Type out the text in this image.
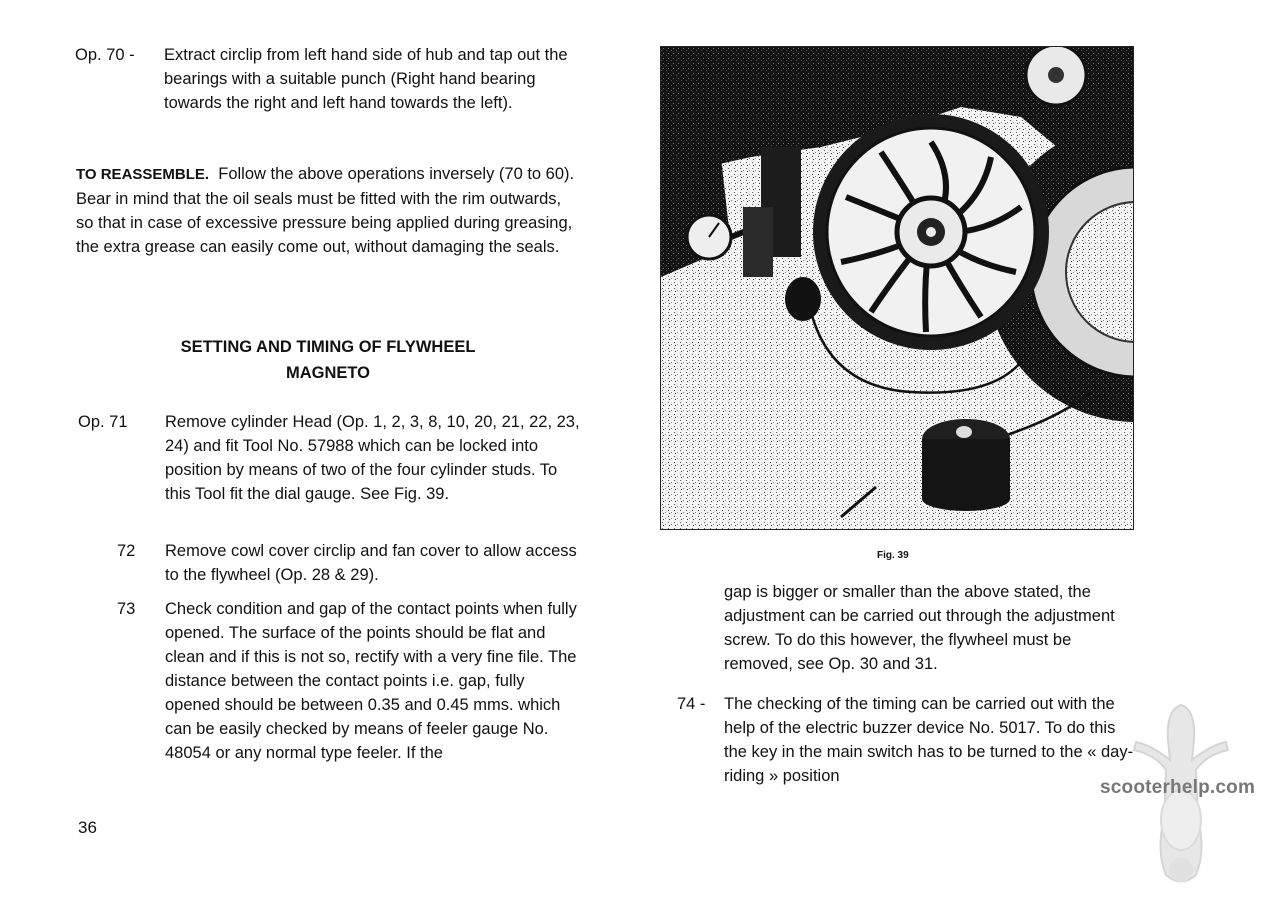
Op. 70 - Extract circlip from left hand side of hub and tap out the bearings with a suitable punch (Right hand bearing towards the right and left hand towards the left).

TO REASSEMBLE. Follow the above operations inversely (70 to 60). Bear in mind that the oil seals must be fitted with the rim outwards, so that in case of excessive pressure being applied during greasing, the extra grease can easily come out, without damaging the seals.

SETTING AND TIMING OF FLYWHEEL
MAGNETO
Op. 71 Remove cylinder Head (Op. 1, 2, 3, 8, 10, 20, 21, 22, 23, 24) and fit Tool No. 57988 which can be locked into position by means of two of the four cylinder studs. To this Tool fit the dial gauge. See Fig. 39.

72 Remove cowl cover circlip and fan cover to allow access to the flywheel (Op. 28 & 29).

73 Check condition and gap of the contact points when fully opened. The surface of the points should be flat and clean and if this is not so, rectify with a very fine file. The distance between the contact points i.e. gap, fully opened should be between 0.35 and 0.45 mms. which can be easily checked by means of feeler gauge No. 48054 or any normal type feeler. If the

36
Fig. 39

gap is bigger or smaller than the above stated, the adjustment can be carried out through the adjustment screw. To do this however, the flywheel must be removed, see Op. 30 and 31.

74 - The checking of the timing can be carried out with the help of the electric buzzer device No. 5017. To do this the key in the main switch has to be turned to the « day-riding » position

scooterhelp.com
